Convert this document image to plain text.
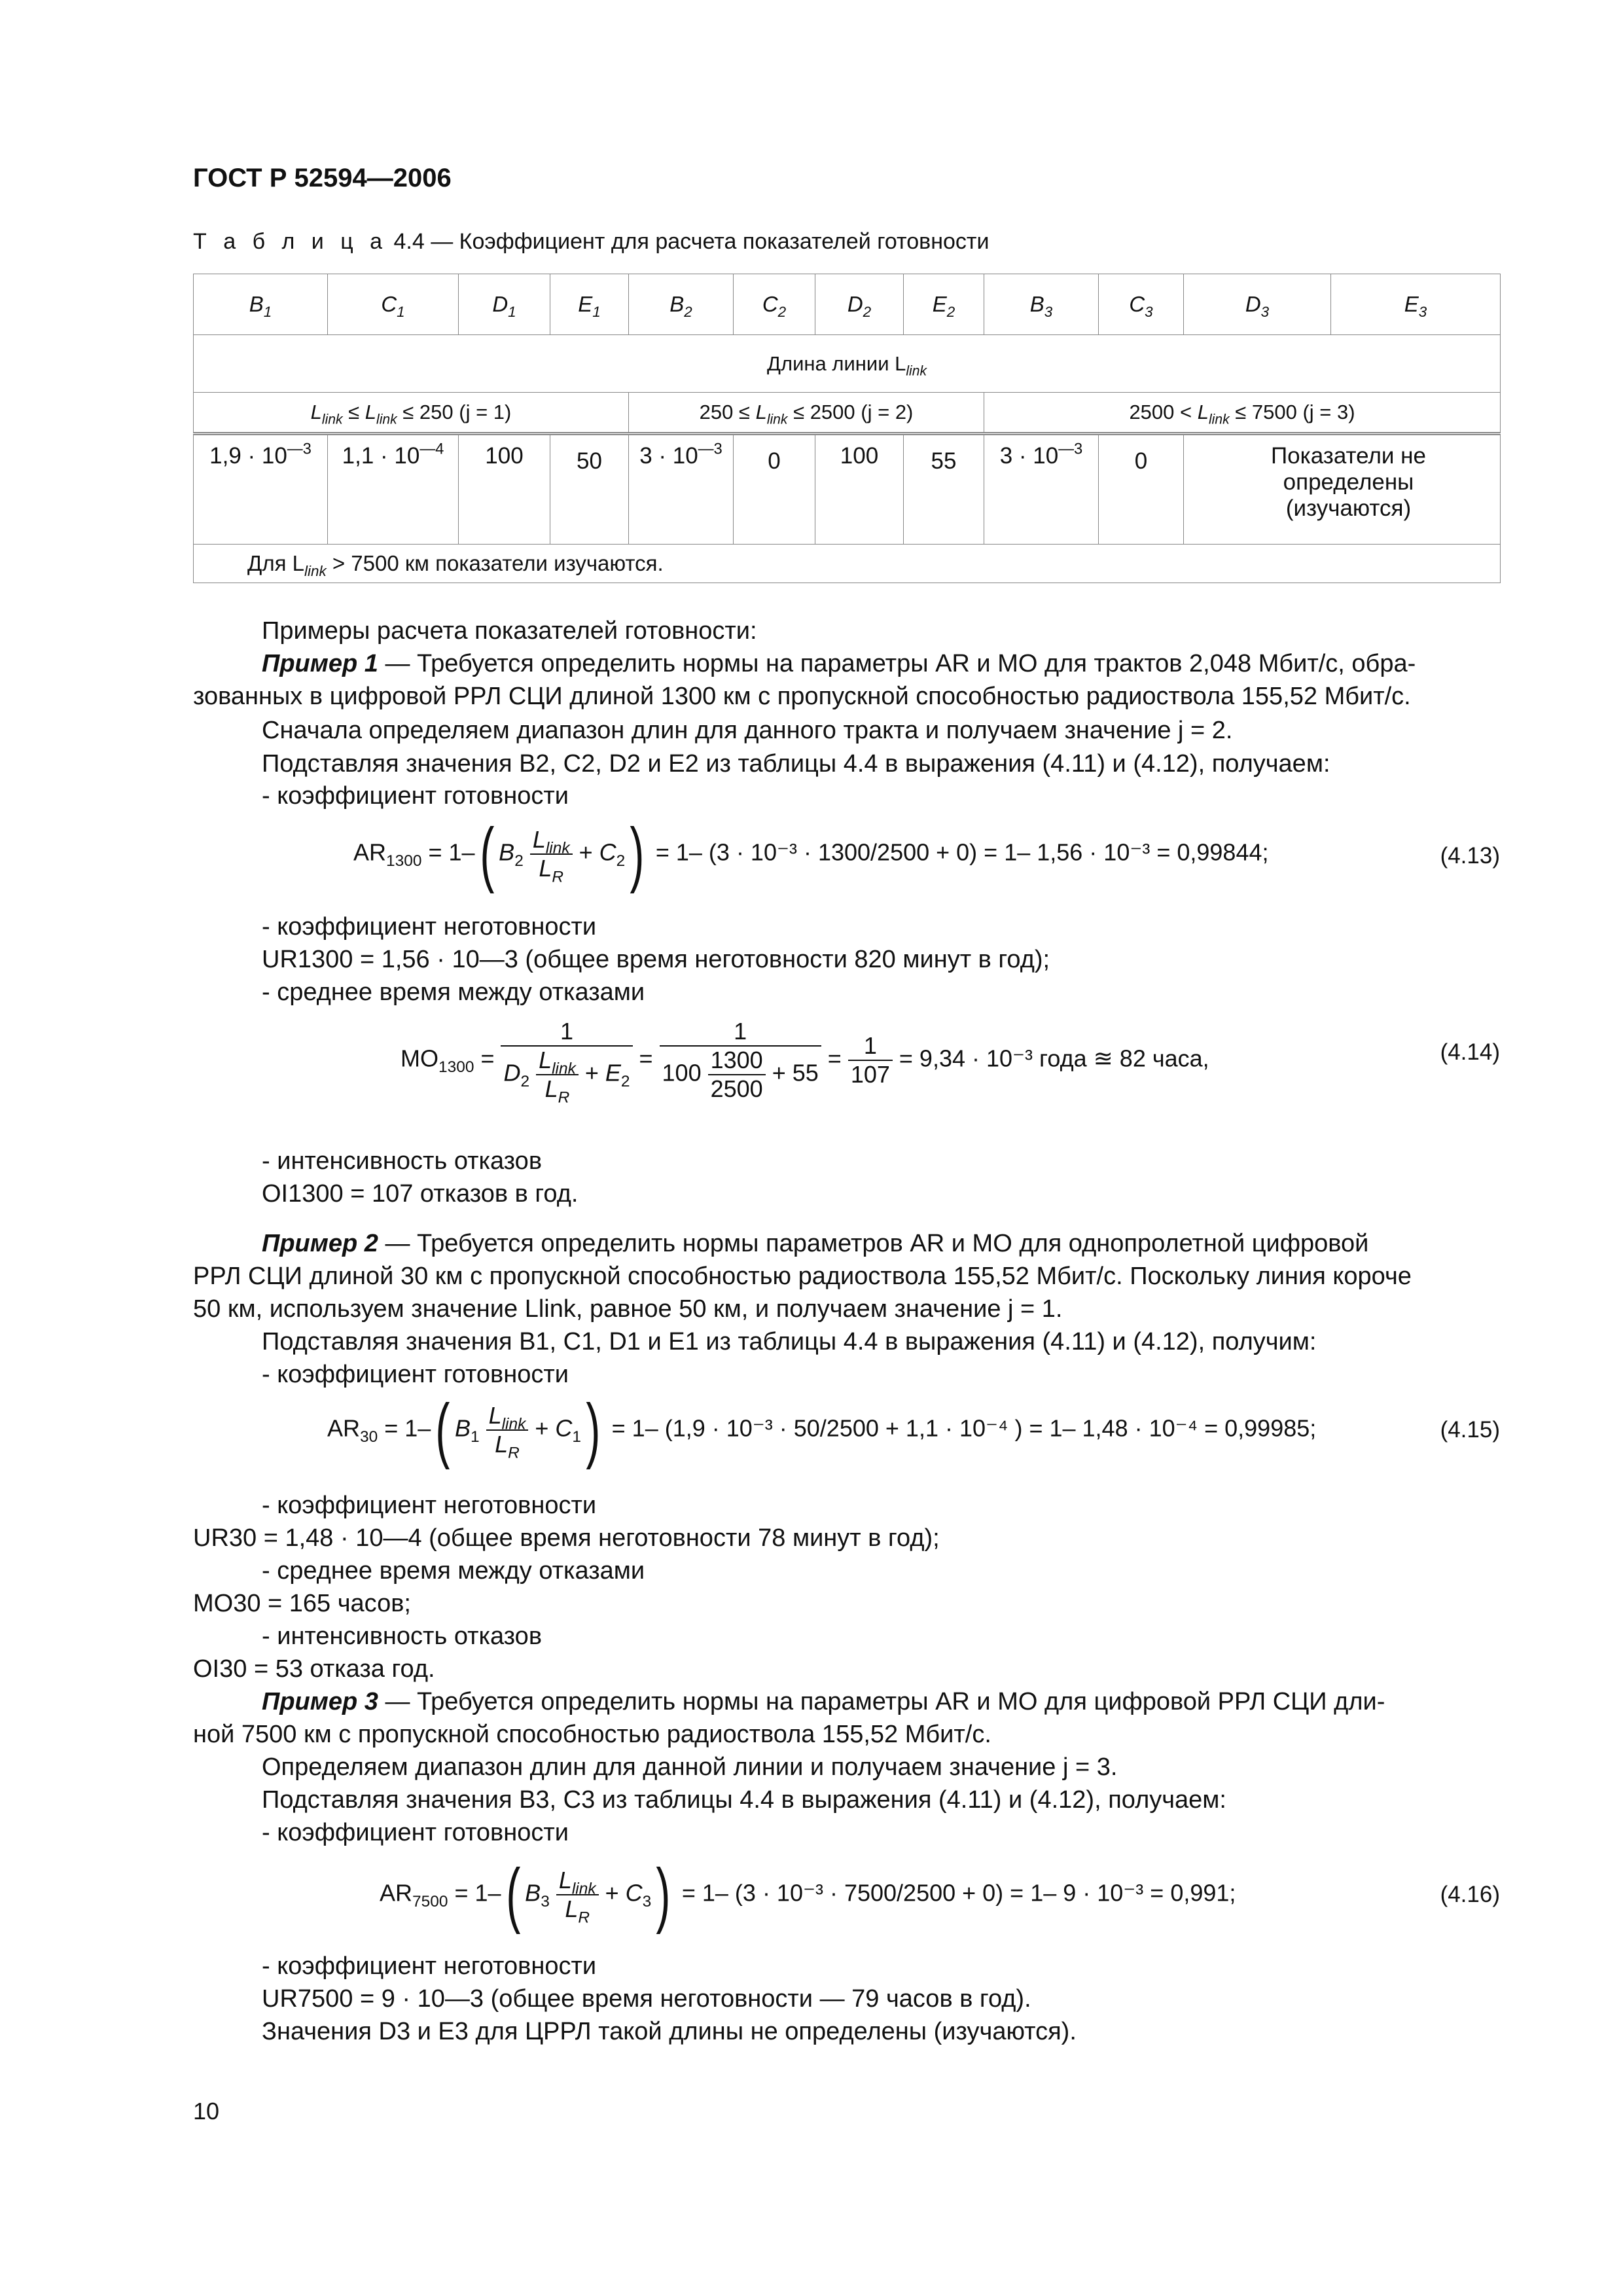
ГОСТ Р 52594—2006
Т а б л и ц а 4.4 — Коэффициент для расчета показателей готовности
$B_1$	$C_1$	$D_1$	$E_1$	$B_2$	$C_2$	$D_2$	$E_2$	$B_3$	$C_3$	$D_3$	$E_3$
Длина линии $L_{link}$
$L_{link} \le L_{link} \le 250$ (j = 1)				$250 \le L_{link} \le 2500$ (j = 2)				$2500 < L_{link} \le 7500$ (j = 3)			
$1,9 \cdot 10^{—3}$	$1,1 \cdot 10^{—4}$	100	50	$3 \cdot 10^{—3}$	0	100	55	$3 \cdot 10^{—3}$	0	Показатели не определены (изучаются)	
Для $L_{link} > 7500$ км показатели изучаются.											
Примеры расчета показателей готовности:
Пример 1 — Требуется определить нормы на параметры AR и MO для трактов 2,048 Мбит/с, обра-
зованных в цифровой РРЛ СЦИ длиной 1300 км с пропускной способностью радиоствола 155,52 Мбит/с.
Сначала определяем диапазон длин для данного тракта и получаем значение j = 2.
Подставляя значения B2, C2, D2 и E2 из таблицы 4.4 в выражения (4.11) и (4.12), получаем:
- коэффициент готовности
$AR_{1300} = 1-$( $B_2 \frac{L_{link}}{L_R} + C_2) = 1-$ (3 · 10⁻³ · 1300/2500 + 0) = 1– 1,56 · 10⁻³ = 0,99844;	(4.13)
- коэффициент неготовности
UR1300 = 1,56 · 10—3 (общее время неготовности 820 минут в год);
- среднее время между отказами
$MO_{1300} = \frac{1}{D_2 \frac{L_{link}}{L_R} + E_2} = \frac{1}{100 \frac{1300}{2500} + 55} = \frac{1}{107} = 9,34 \cdot 10^{-3}$ года ≊ 82 часа,	(4.14)
- интенсивность отказов
OI1300 = 107 отказов в год.
Пример 2 — Требуется определить нормы параметров AR и MO для однопролетной цифровой
РРЛ СЦИ длиной 30 км с пропускной способностью радиоствола 155,52 Мбит/с. Поскольку линия короче
50 км, используем значение Llink, равное 50 км, и получаем значение j = 1.
Подставляя значения B1, C1, D1 и E1 из таблицы 4.4 в выражения (4.11) и (4.12), получим:
- коэффициент готовности
$AR_{30} = 1-$( $B_1 \frac{L_{link}}{L_R} + C_1) = 1-$ (1,9 · 10⁻³ · 50/2500 + 1,1 · 10⁻⁴ ) = 1– 1,48 · 10⁻⁴ = 0,99985;	(4.15)
- коэффициент неготовности
UR30 = 1,48 · 10—4 (общее время неготовности 78 минут в год);
- среднее время между отказами
MO30 = 165 часов;
- интенсивность отказов
OI30 = 53 отказа год.
Пример 3 — Требуется определить нормы на параметры AR и MO для цифровой РРЛ СЦИ дли-
ной 7500 км с пропускной способностью радиоствола 155,52 Мбит/с.
Определяем диапазон длин для данной линии и получаем значение j = 3.
Подставляя значения B3, C3 из таблицы 4.4 в выражения (4.11) и (4.12), получаем:
- коэффициент готовности
$AR_{7500} = 1-$( $B_3 \frac{L_{link}}{L_R} + C_3) = 1-$ (3 · 10⁻³ · 7500/2500 + 0) = 1– 9 · 10⁻³ = 0,991;	(4.16)
- коэффициент неготовности
UR7500 = 9 · 10—3 (общее время неготовности — 79 часов в год).
Значения D3 и E3 для ЦРРЛ такой длины не определены (изучаются).
10
